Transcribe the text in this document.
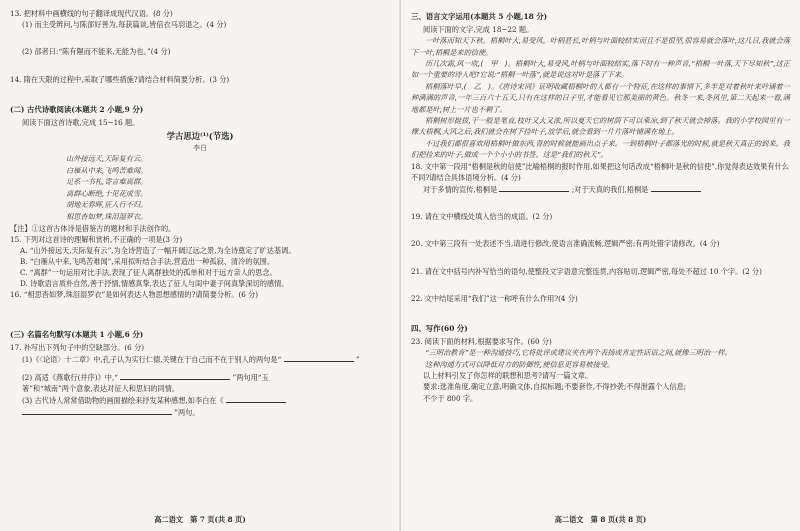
13. 把材料中画横线的句子翻译成现代汉语。(8 分)

(1) 而主受辨问,与陈郃好善为,每获篇谈,皆倍衣马羽退之。(4 分)

(2) 郃者曰:“陈有隰而不能来,无能为也。”(4 分)

14. 隋在天限的过程中,采取了哪些措施?请结合材料简要分析。(3 分)

(二) 古代诗歌阅读(本题共 2 小题,9 分)

阅读下面这首诗歌,完成 15~16 题。

学古思边⁽¹⁾(节选)

李白

山外接远天,天际复有云。

白雁从中来,飞鸣苦难闻。

足系一书札,寄言难离群。

离群心断绝,十见花成雪。

胡地无春晖,征人行不归。

相思杳如梦,珠泪湿罗衣。

【注】①这首古体诗是借鉴古的题材和手法创作的。

15. 下列对这首诗的理解和赏析,不正确的一项是(3 分)

A. “山外接远天,天际复有云”,为全诗营造了一幅开阔辽远之景,为全诗奠定了旷达基调。

B. “白雁从中来,飞鸣苦难闻”,采用拟听结合手法,营造出一种孤寂、清冷的氛围。

C. “离群”一句运用对比手法,表现了征人离群独处的孤单和对于远方亲人的思念。

D. 诗歌语言质朴自然,善于抒情,情感真挚,表达了征人与闺中妻子间真挚深切的感情。

16. “相思杳如梦,珠泪湿罗衣”是如何表达人物思想感情的?请简要分析。(6 分)

(三) 名篇名句默写(本题共 1 小题,6 分)

17. 补写出下列句子中的空缺部分。(6 分)

(1)《〈论语〉十二章》中,孔子认为实行仁德,关键在于自己而不在于别人的两句是“	”

(2) 高适《燕歌行(并序)》中,“	”两句用“玉

箸”和“城南”两个意象,表达对征人和思妇的同情。

(3) 古代诗人常常借助物的画面描绘来抒发某种感想,如李白在《

”两句。

高二语文　第 7 页(共 8 页)

三、语言文字运用(本题共 5 小题,18 分)

阅读下面的文字,完成 18~22 题。

一叶落而知天下秋。梧桐叶大,易受风。叶柄甚长,叶柄与叶面较结实而且不是很坚,很容易就会落叶,这几日,我就会落下一叶,梧桐是来的信使。

历几次霜,风一吹,(　甲　)。梧桐叶大,易受风,叶柄与叶面较结实,落下时有一种声音,“梧桐一叶落,天下尽知秋”,这正如一个重要的诗人吧?它说:“梧桐一叶落”,就是说这对叶是落了下来。

梧桐落叶早,(　乙　)。《唐诗宋词》证明收藏梧桐叶的人都有一个特征,在这样的事情下,多半是对着秋叶来吟诵着一种满满的声音,一年三百六十五天,只有在这样的日子里,才能看见它那美丽的黄色。秋冬一来,冬风里,第二天起来一看,满地都是叶,树上一片也不剩了。

梧桐树形挺拔,干一般是笔直,枝叶又大又浓,所以夏天它的树荫下可以乘凉,到了秋天就会掉落。我的小学校园里有一棵大梧桐,大风之后,我们就会在树下捡叶子,放学后,就会看到一片片落叶铺满在地上。

不过我们都很喜欢用梧桐叶做东西,背的时候就能画出点子来。一到梧桐叶子都落光的时候,就是秋天真正的到来。我们把捡来的叶子,做成一个个小小的书签。这是“我们的秋天”。

18. 文中第一段用“梧桐是秋的信使”比喻梧桐的报时作用,如果把这句话改成“梧桐叶是秋的信使”,你觉得表达效果有什么不同?请结合具体语境分析。(4 分)

对于多情的宣传,梧桐是	;对于天真的我们,梧桐是

19. 请在文中横线处填入恰当的成语。(2 分)

20. 文中第三段有一处表述不当,请进行修改,使语言准确流畅,逻辑严密;有两处错字请修改。(4 分)

21. 请在文中括号内补写恰当的语句,使整段文字语意完整连贯,内容贴切,逻辑严密,每处不超过 10 个字。(2 分)

22. 文中结尾采用“我们”这一称呼有什么作用?(4 分)

四、写作(60 分)

23. 阅读下面的材料,根据要求写作。(60 分)

“三明治教育”是一种沟通技巧,它将批评或建议夹在两个表扬或肯定性话语之间,就像三明治一样。

这种沟通方式可以降低对方的防御性,使信息更容易被接受。

以上材料引发了你怎样的联想和思考?请写一篇文章。

要求:选准角度,确定立意,明确文体,自拟标题;不要套作,不得抄袭;不得泄露个人信息;

不少于 800 字。

高二语文　第 8 页(共 8 页)
